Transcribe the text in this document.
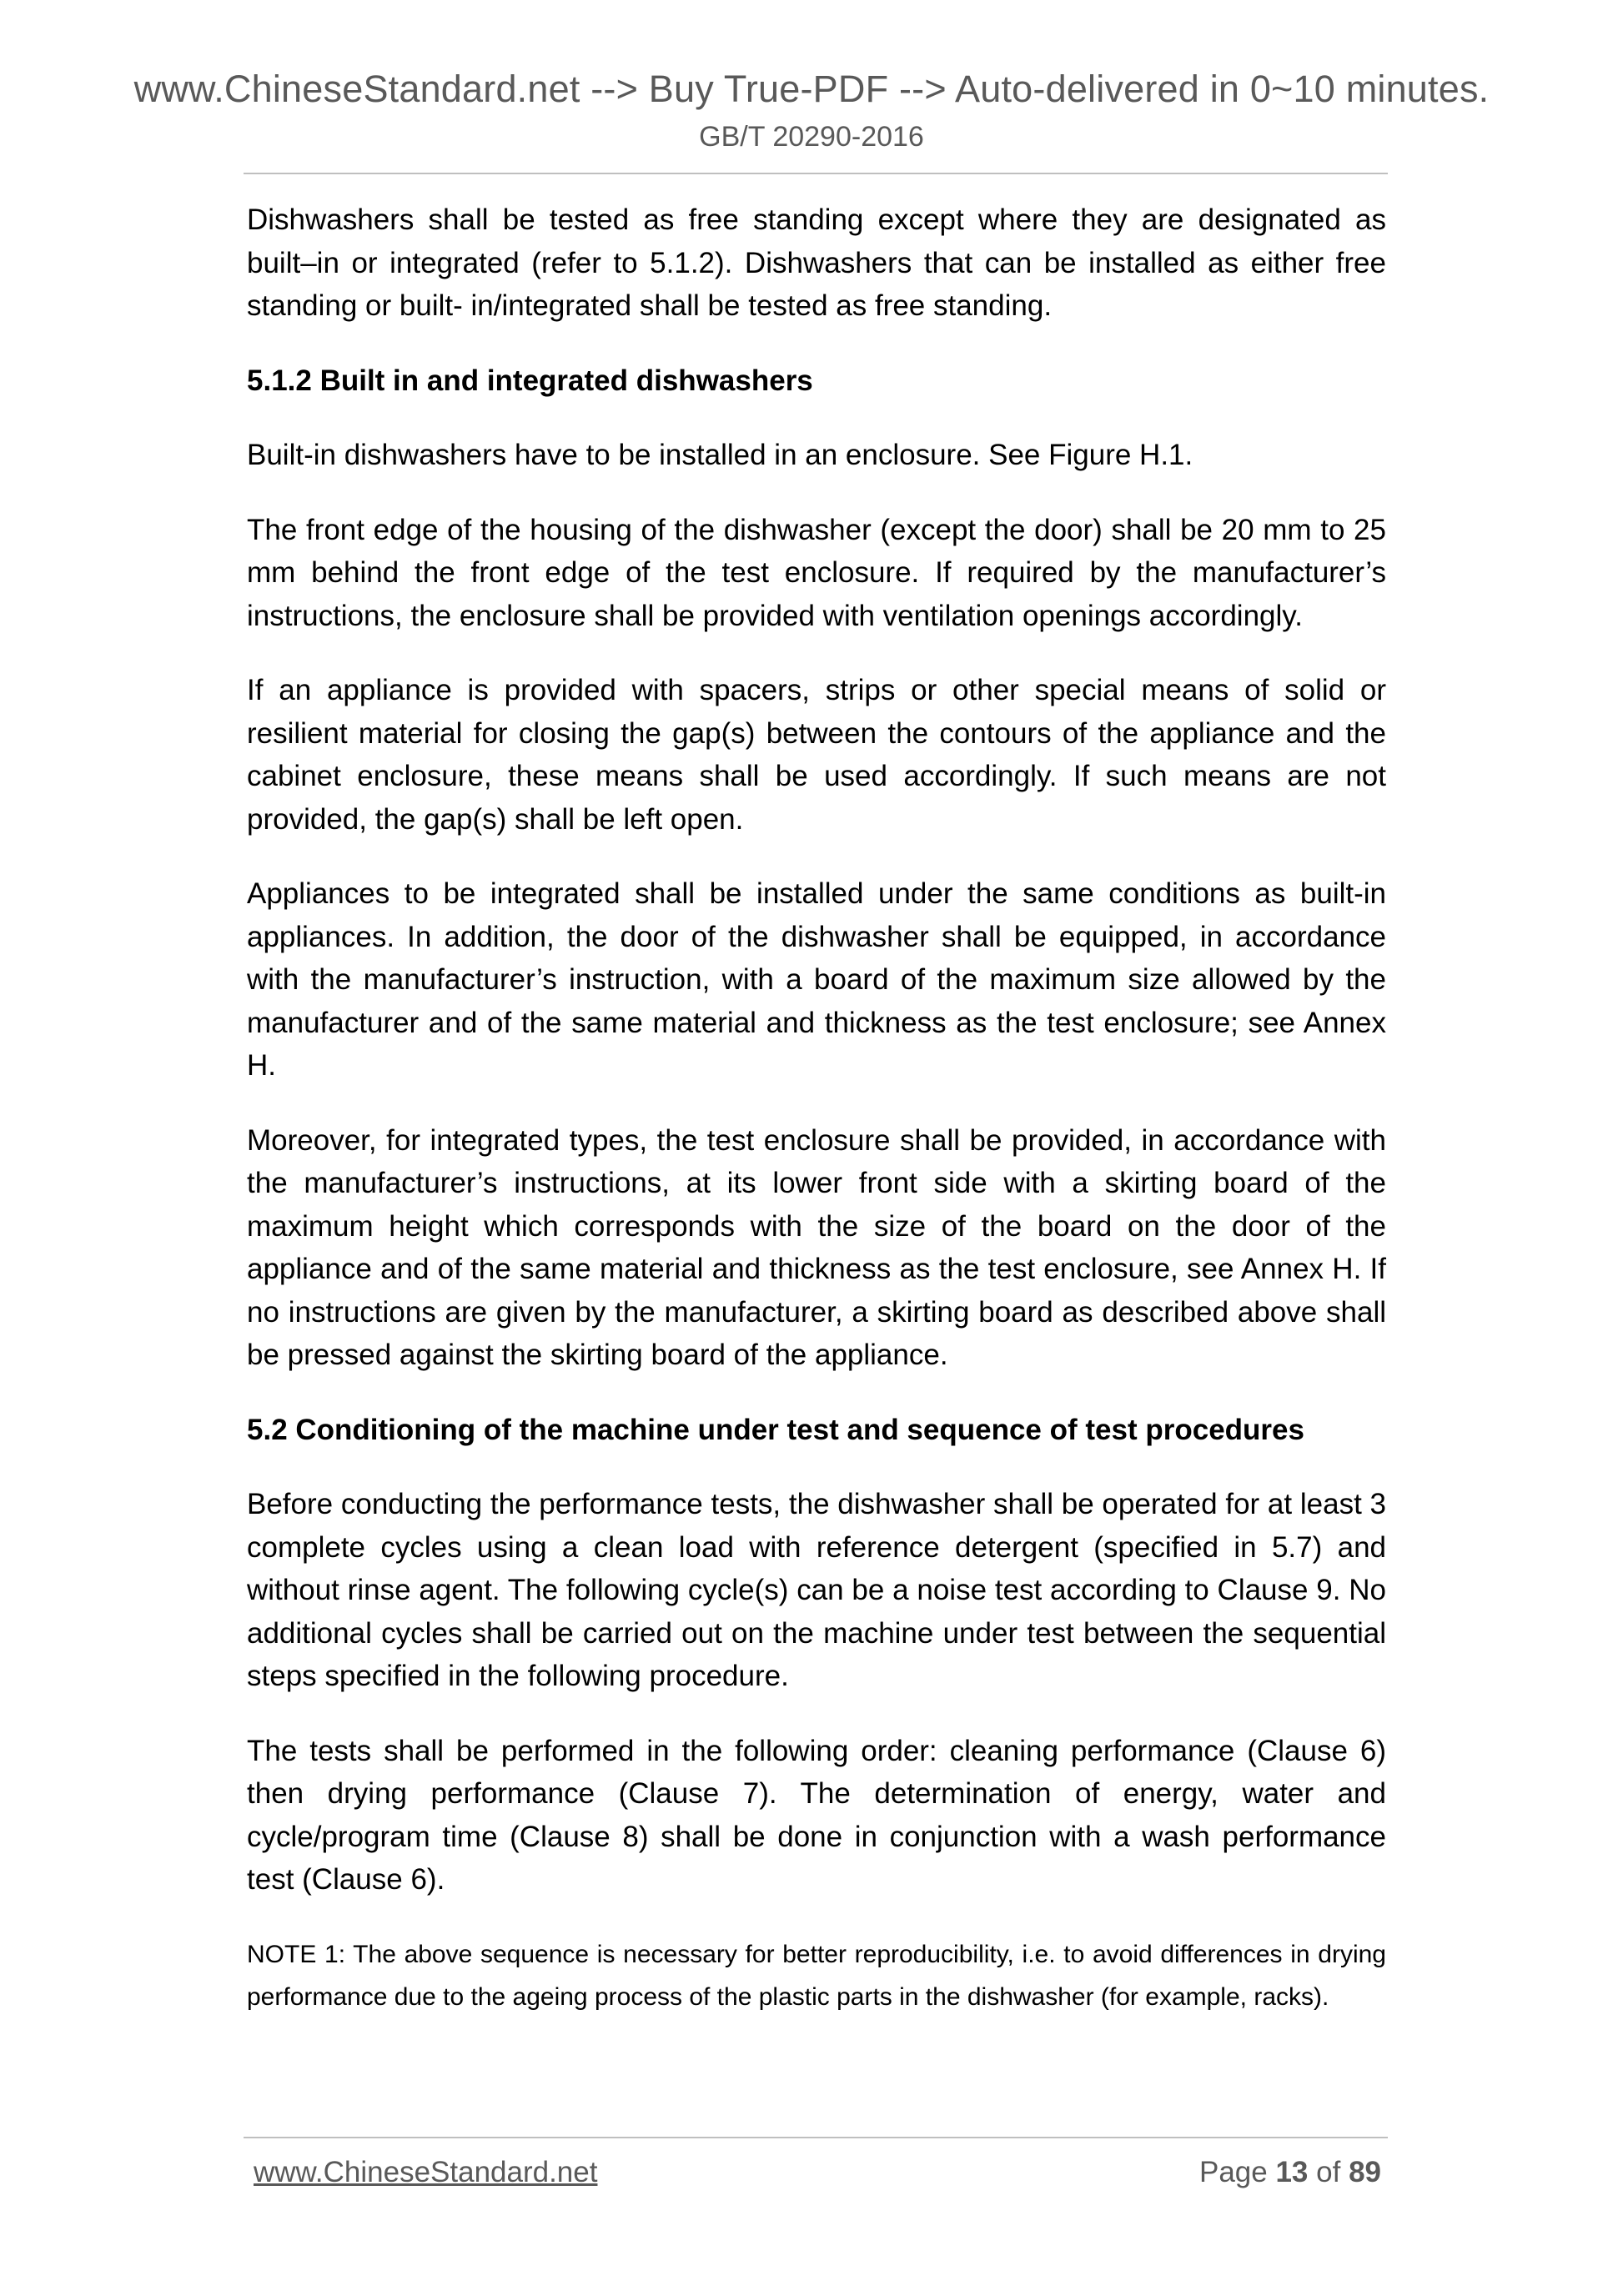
www.ChineseStandard.net --> Buy True-PDF --> Auto-delivered in 0~10 minutes.
GB/T 20290-2016

Dishwashers shall be tested as free standing except where they are designated as built–in or integrated (refer to 5.1.2). Dishwashers that can be installed as either free standing or built- in/integrated shall be tested as free standing.

5.1.2 Built in and integrated dishwashers

Built-in dishwashers have to be installed in an enclosure. See Figure H.1.

The front edge of the housing of the dishwasher (except the door) shall be 20 mm to 25 mm behind the front edge of the test enclosure. If required by the manufacturer’s instructions, the enclosure shall be provided with ventilation openings accordingly.

If an appliance is provided with spacers, strips or other special means of solid or resilient material for closing the gap(s) between the contours of the appliance and the cabinet enclosure, these means shall be used accordingly. If such means are not provided, the gap(s) shall be left open.

Appliances to be integrated shall be installed under the same conditions as built-in appliances. In addition, the door of the dishwasher shall be equipped, in accordance with the manufacturer’s instruction, with a board of the maximum size allowed by the manufacturer and of the same material and thickness as the test enclosure; see Annex H.

Moreover, for integrated types, the test enclosure shall be provided, in accordance with the manufacturer’s instructions, at its lower front side with a skirting board of the maximum height which corresponds with the size of the board on the door of the appliance and of the same material and thickness as the test enclosure, see Annex H. If no instructions are given by the manufacturer, a skirting board as described above shall be pressed against the skirting board of the appliance.

5.2 Conditioning of the machine under test and sequence of test procedures

Before conducting the performance tests, the dishwasher shall be operated for at least 3 complete cycles using a clean load with reference detergent (specified in 5.7) and without rinse agent. The following cycle(s) can be a noise test according to Clause 9. No additional cycles shall be carried out on the machine under test between the sequential steps specified in the following procedure.

The tests shall be performed in the following order: cleaning performance (Clause 6) then drying performance (Clause 7). The determination of energy, water and cycle/program time (Clause 8) shall be done in conjunction with a wash performance test (Clause 6).

NOTE 1: The above sequence is necessary for better reproducibility, i.e. to avoid differences in drying performance due to the ageing process of the plastic parts in the dishwasher (for example, racks).

www.ChineseStandard.net	Page 13 of 89
